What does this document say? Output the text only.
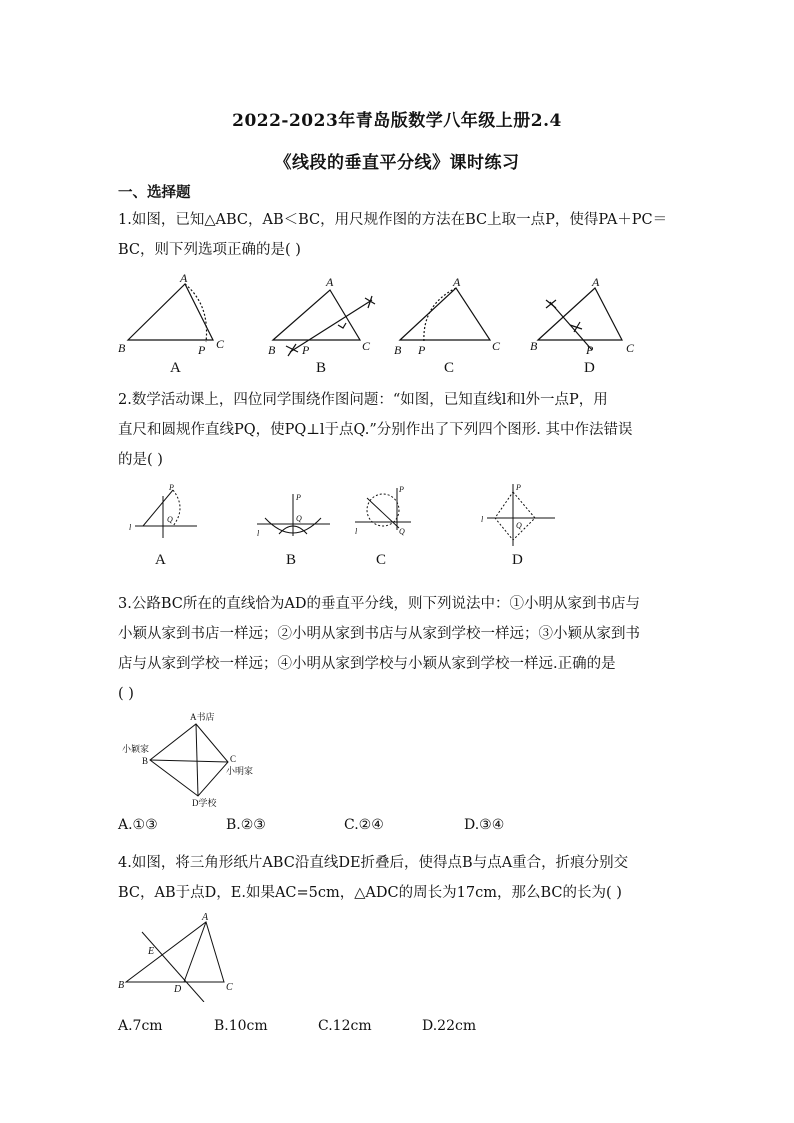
2022-2023年青岛版数学八年级上册2.4
《线段的垂直平分线》课时练习
一、选择题
1.如图，已知△ABC，AB＜BC，用尺规作图的方法在BC上取一点P，使得PA＋PC＝
BC，则下列选项正确的是( )
A
B	C
P
A
B	C
P
A
B	C
P
A
B	C
P
A	B	C	D
2.数学活动课上，四位同学围绕作图问题：“如图，已知直线l和l外一点P，用
直尺和圆规作直线PQ，使PQ⊥l于点Q.”分别作出了下列四个图形. 其中作法错误
的是( )
P
Q
l
P
Q
l
P
Q
l
P
Q
l
A	B	C	D
3.公路BC所在的直线恰为AD的垂直平分线，则下列说法中：①小明从家到书店与
小颖从家到书店一样远；②小明从家到书店与从家到学校一样远；③小颖从家到书
店与从家到学校一样远；④小明从家到学校与小颖从家到学校一样远.正确的是
( )
A书店
小颖家
B	C
小明家
D学校
A.①③	B.②③	C.②④	D.③④
4.如图，将三角形纸片ABC沿直线DE折叠后，使得点B与点A重合，折痕分别交
BC，AB于点D，E.如果AC=5cm，△ADC的周长为17cm，那么BC的长为( )
A
E
B	D	C
A.7cm	B.10cm	C.12cm	D.22cm
